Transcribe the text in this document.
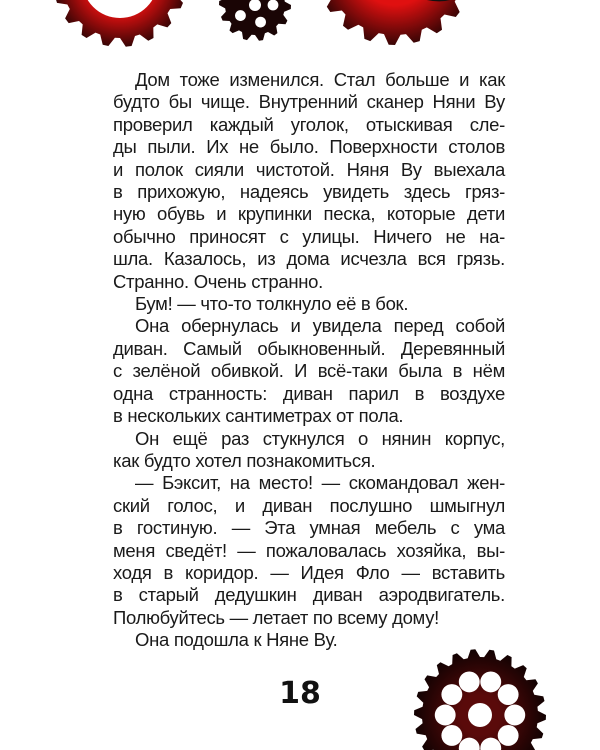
Дом тоже изменился. Стал больше и как
будто бы чище. Внутренний сканер Няни Ву
проверил каждый уголок, отыскивая сле-
ды пыли. Их не было. Поверхности столов
и полок сияли чистотой. Няня Ву выехала
в прихожую, надеясь увидеть здесь гряз-
ную обувь и крупинки песка, которые дети
обычно приносят с улицы. Ничего не на-
шла. Казалось, из дома исчезла вся грязь.
Странно. Очень странно.
Бум! — что-то толкнуло её в бок.
Она обернулась и увидела перед собой
диван. Самый обыкновенный. Деревянный
с зелёной обивкой. И всё-таки была в нём
одна странность: диван парил в воздухе
в нескольких сантиметрах от пола.
Он ещё раз стукнулся о нянин корпус,
как будто хотел познакомиться.
— Бэксит, на место! — скомандовал жен-
ский голос, и диван послушно шмыгнул
в гостиную. — Эта умная мебель с ума
меня сведёт! — пожаловалась хозяйка, вы-
ходя в коридор. — Идея Фло — вставить
в старый дедушкин диван аэродвигатель.
Полюбуйтесь — летает по всему дому!
Она подошла к Няне Ву.
18
